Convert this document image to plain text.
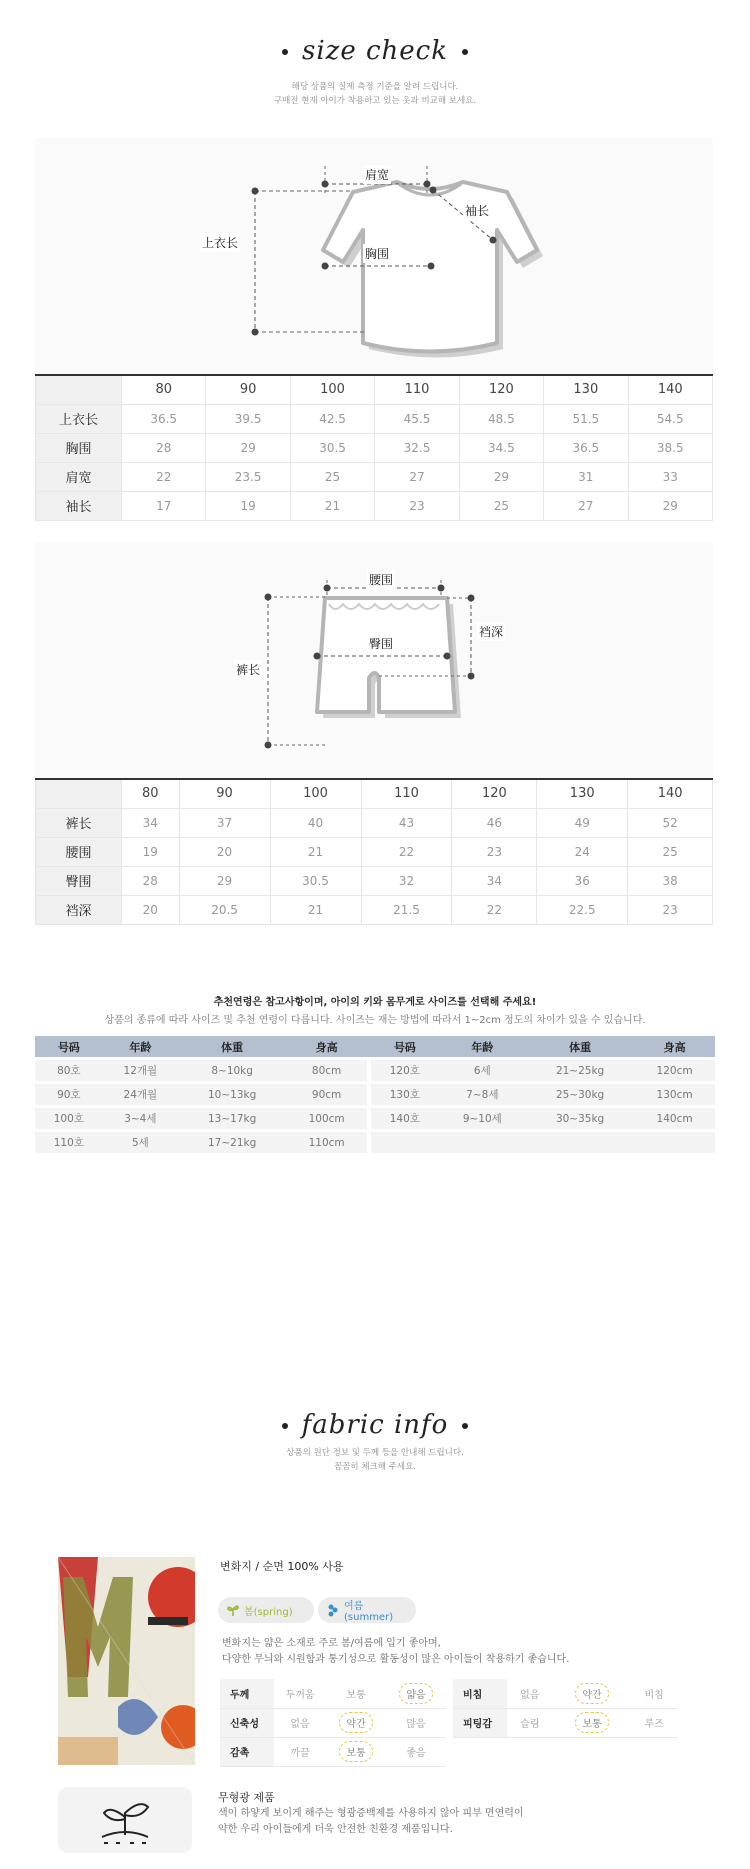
size check
해당 상품의 실제 측정 기준을 알려 드립니다.
구매전 현재 아이가 착용하고 있는 옷과 비교해 보세요.
上衣长
肩宽
袖长
胸围
	80	90	100	110	120	130	140
上衣长	36.5	39.5	42.5	45.5	48.5	51.5	54.5
胸围	28	29	30.5	32.5	34.5	36.5	38.5
肩宽	22	23.5	25	27	29	31	33
袖长	17	19	21	23	25	27	29
腰围
裆深
裤长
臀围
	80	90	100	110	120	130	140
裤长	34	37	40	43	46	49	52
腰围	19	20	21	22	23	24	25
臀围	28	29	30.5	32	34	36	38
裆深	20	20.5	21	21.5	22	22.5	23
추천연령은 참고사항이며, 아이의 키와 몸무게로 사이즈를 선택해 주세요!
상품의 종류에 따라 사이즈 및 추천 연령이 다릅니다. 사이즈는 재는 방법에 따라서 1~2cm 정도의 차이가 있을 수 있습니다.
号码	年龄	体重	身高		号码	年龄	体重	身高
80호	12개월	8~10kg	80cm		120호	6세	21~25kg	120cm
90호	24개월	10~13kg	90cm		130호	7~8세	25~30kg	130cm
100호	3~4세	13~17kg	100cm		140호	9~10세	30~35kg	140cm
110호	5세	17~21kg	110cm					
fabric info
상품의 원단 정보 및 두께 등을 안내해 드립니다.
꼼꼼히 체크해 주세요.
변화지 / 순면 100% 사용
봄(spring)	여름(summer)
변화지는 얇은 소재로 주로 봄/여름에 입기 좋아며,
다양한 무늬와 시원함과 통기성으로 활동성이 많은 아이들이 착용하기 좋습니다.
두께	두꺼움	보통	얇음
신축성	없음	약간	많음
감촉	까끌	보통	좋음
비침	없음	약간	비침
피팅감	슬림	보통	루즈
무형광 제품
색이 하얗게 보이게 해주는 형광증백제를 사용하지 않아 피부 면연력이
약한 우리 아이들에게 더욱 안전한 친환경 제품입니다.
